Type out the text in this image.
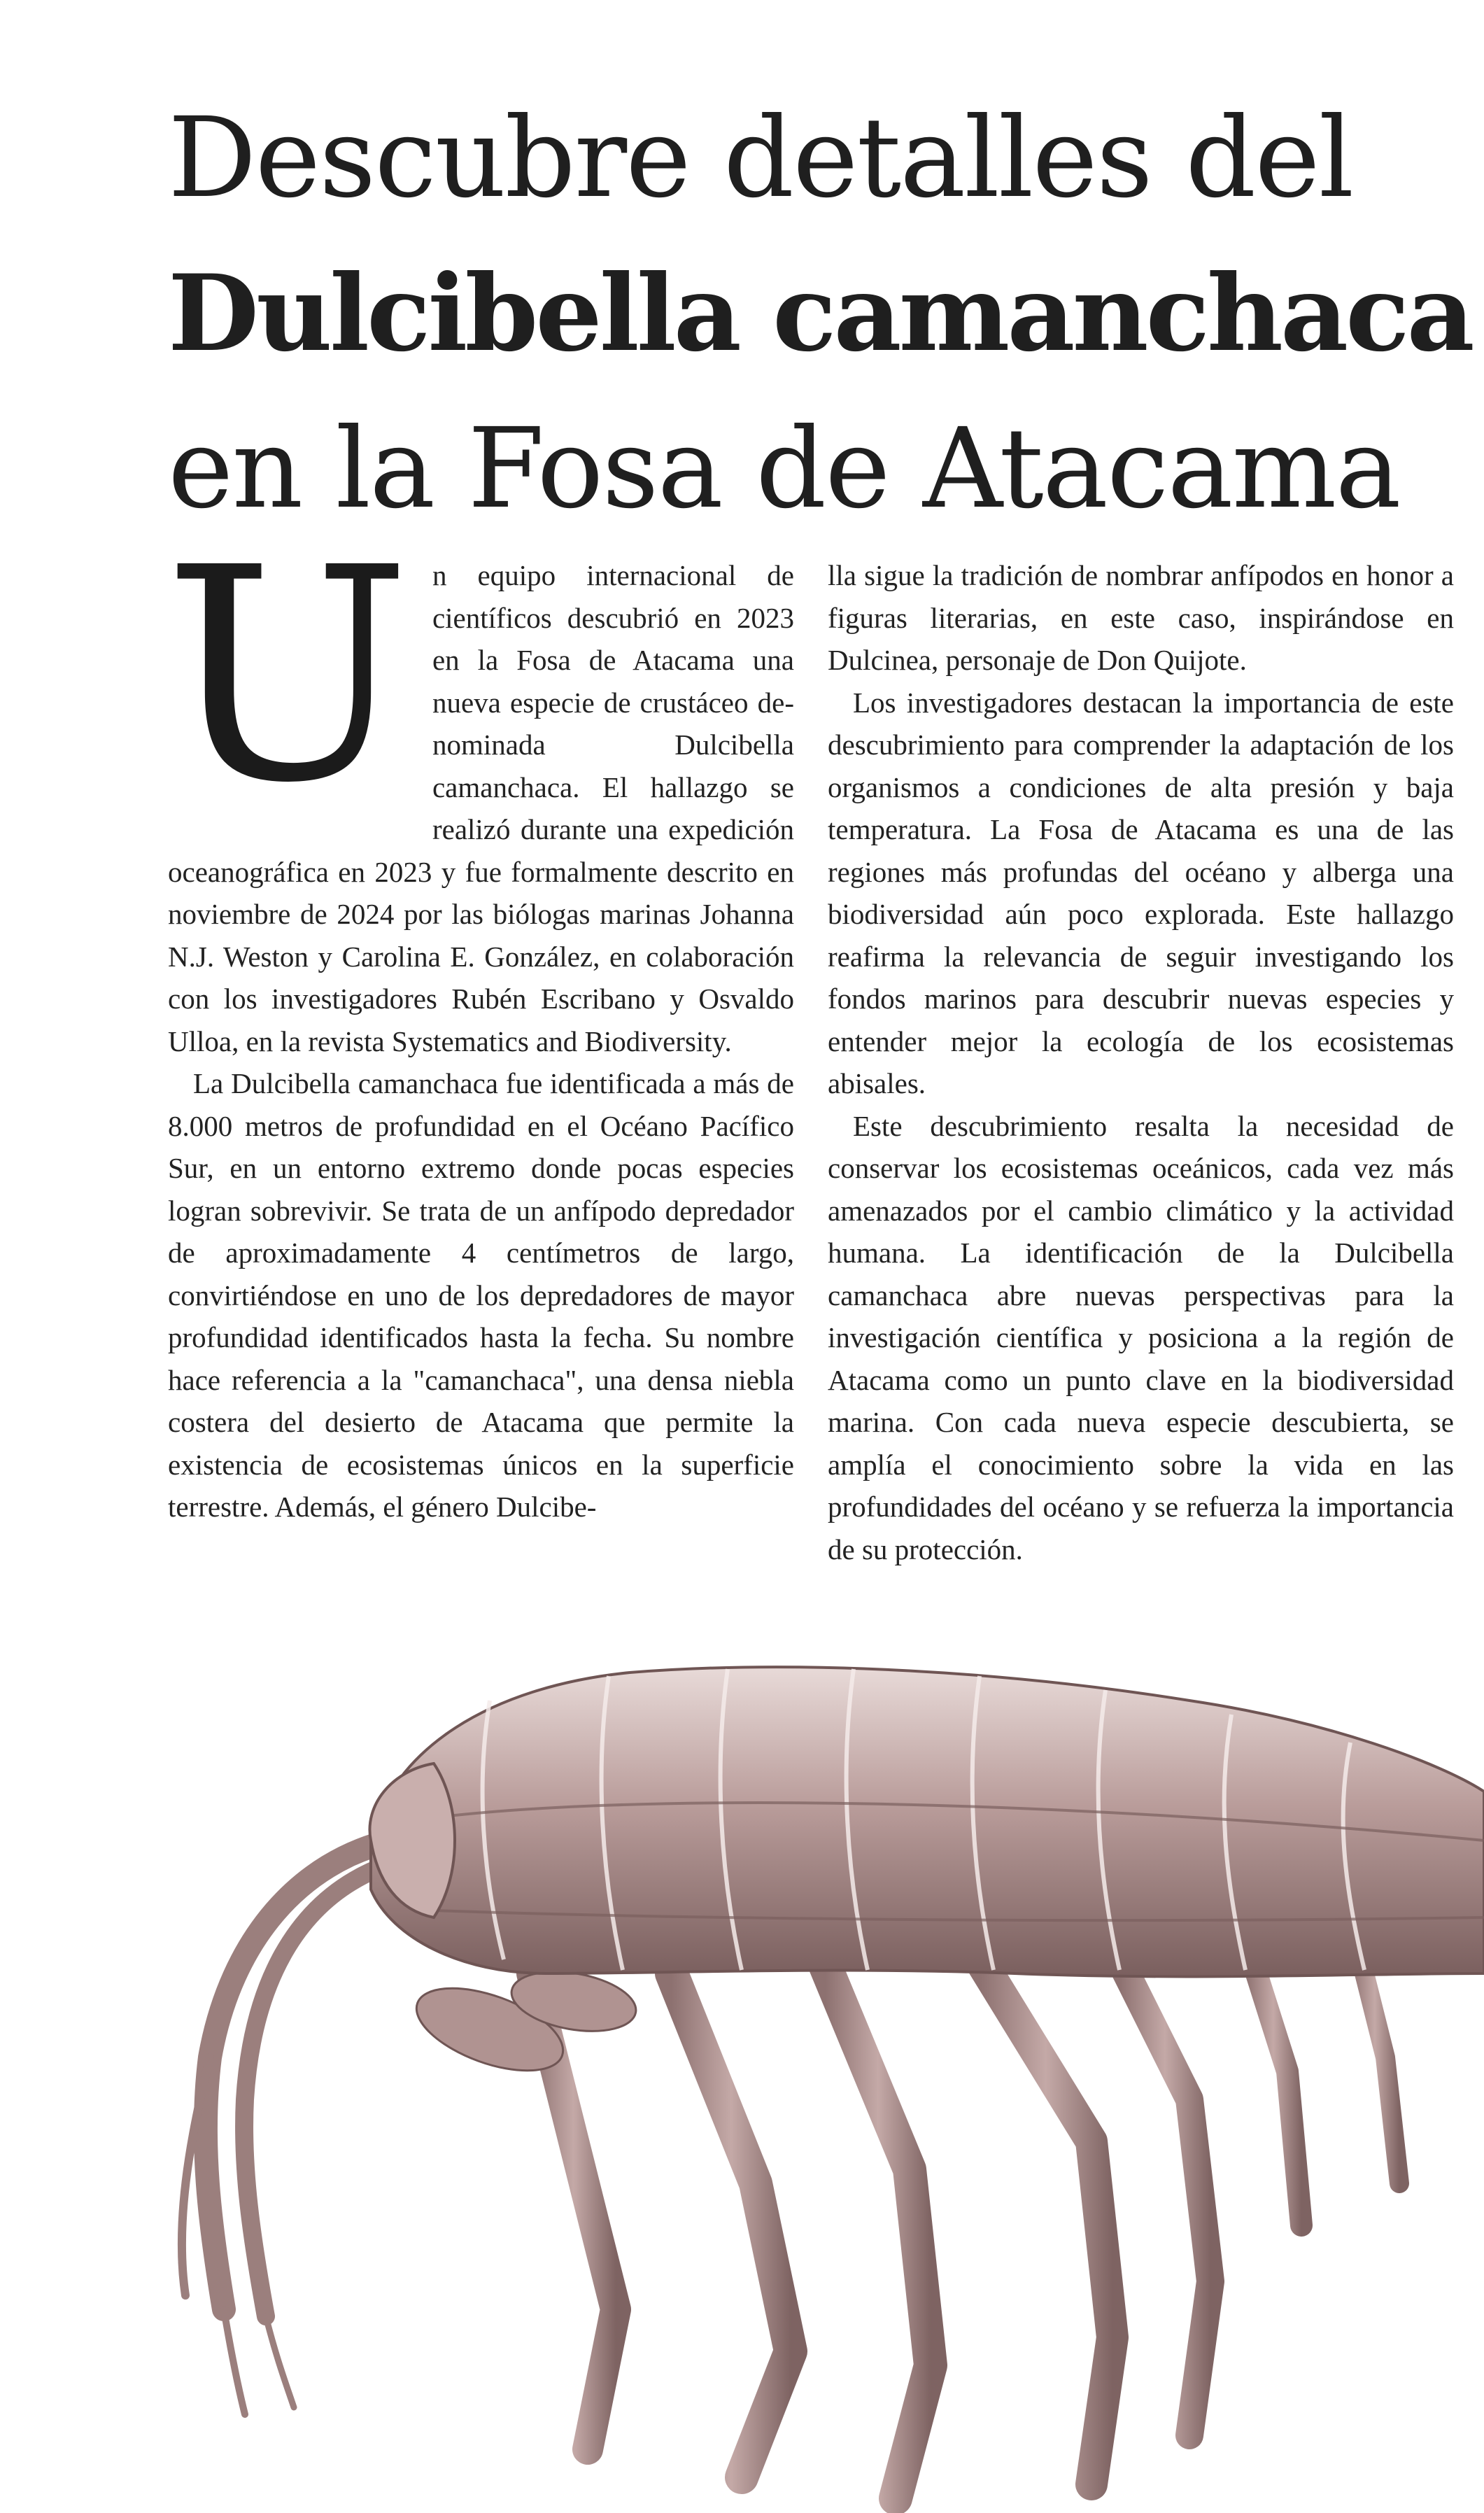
Descubre detalles del
Dulcibella camanchaca
en la Fosa de Atacama

Un equipo internacional de científicos descubrió en 2023 en la Fosa de Atacama una nueva especie de crustáceo denominada Dulcibella camanchaca. El hallazgo se realizó durante una expedición oceanográfica en 2023 y fue formalmente descrito en noviembre de 2024 por las biólogas marinas Johanna N.J. Weston y Carolina E. González, en colaboración con los investigadores Rubén Escribano y Osvaldo Ulloa, en la revista Systematics and Biodiversity.

La Dulcibella camanchaca fue identificada a más de 8.000 metros de profundidad en el Océano Pacífico Sur, en un entorno extremo donde pocas especies logran sobrevivir. Se trata de un anfípodo depredador de aproximadamente 4 centímetros de largo, convirtiéndose en uno de los depredadores de mayor profundidad identificados hasta la fecha. Su nombre hace referencia a la "camanchaca", una densa niebla costera del desierto de Atacama que permite la existencia de ecosistemas únicos en la superficie terrestre. Además, el género Dulcibe-

lla sigue la tradición de nombrar anfípodos en honor a figuras literarias, en este caso, inspirándose en Dulcinea, personaje de Don Quijote.

Los investigadores destacan la importancia de este descubrimiento para comprender la adaptación de los organismos a condiciones de alta presión y baja temperatura. La Fosa de Atacama es una de las regiones más profundas del océano y alberga una biodiversidad aún poco explorada. Este hallazgo reafirma la relevancia de seguir investigando los fondos marinos para descubrir nuevas especies y entender mejor la ecología de los ecosistemas abisales.

Este descubrimiento resalta la necesidad de conservar los ecosistemas oceánicos, cada vez más amenazados por el cambio climático y la actividad humana. La identificación de la Dulcibella camanchaca abre nuevas perspectivas para la investigación científica y posiciona a la región de Atacama como un punto clave en la biodiversidad marina. Con cada nueva especie descubierta, se amplía el conocimiento sobre la vida en las profundidades del océano y se refuerza la importancia de su protección.
